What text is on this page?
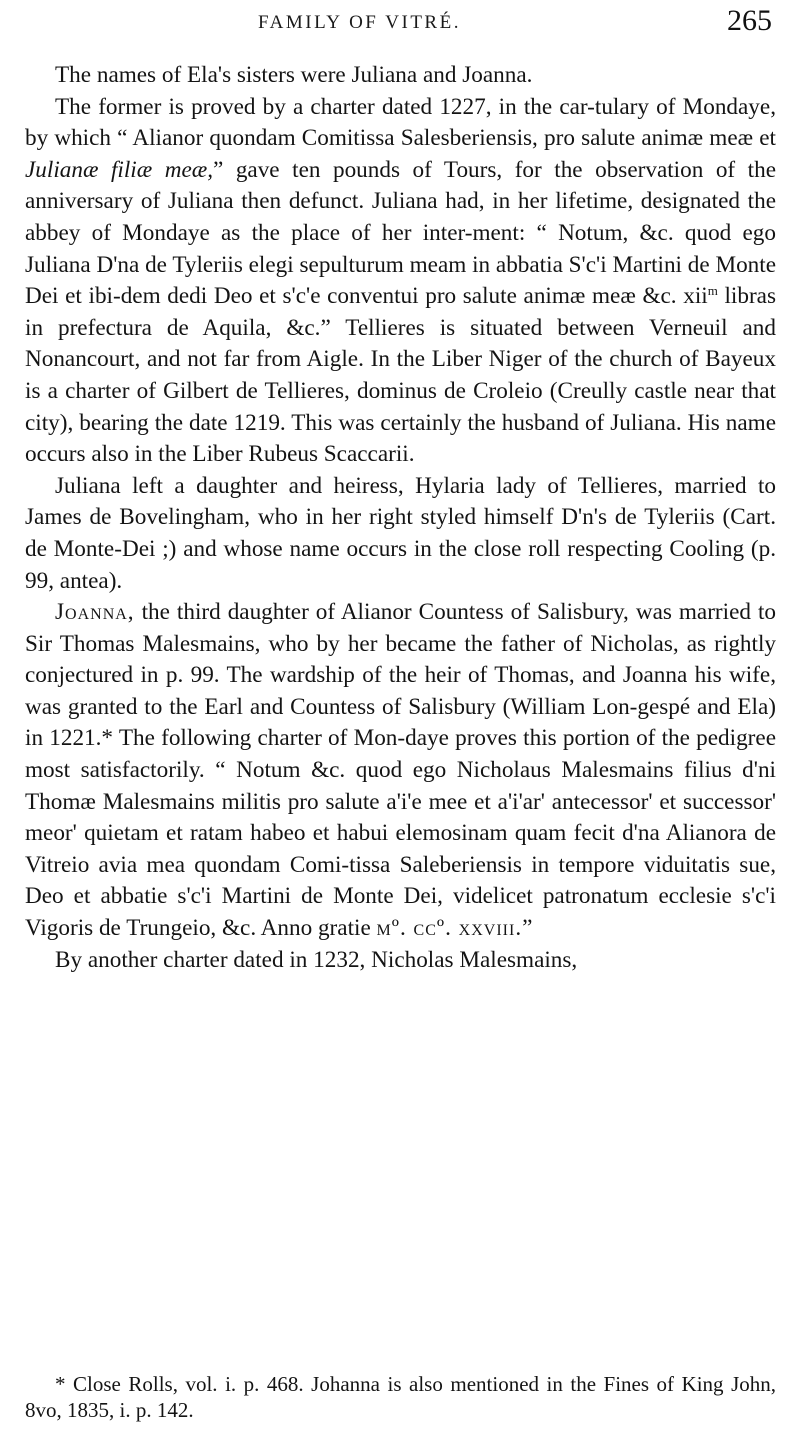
FAMILY OF VITRÉ.	265

The names of Ela's sisters were Juliana and Joanna.

The former is proved by a charter dated 1227, in the car-tulary of Mondaye, by which “ Alianor quondam Comitissa Salesberiensis, pro salute animæ meæ et Julianæ filiæ meæ,” gave ten pounds of Tours, for the observation of the anniversary of Juliana then defunct. Juliana had, in her lifetime, designated the abbey of Mondaye as the place of her inter-ment: “ Notum, &c. quod ego Juliana D'na de Tyleriis elegi sepulturum meam in abbatia S'c'i Martini de Monte Dei et ibi-dem dedi Deo et s'c'e conventui pro salute animæ meæ &c. xii$^m$ libras in prefectura de Aquila, &c.” Tellieres is situated between Verneuil and Nonancourt, and not far from Aigle. In the Liber Niger of the church of Bayeux is a charter of Gilbert de Tellieres, dominus de Croleio (Creully castle near that city), bearing the date 1219. This was certainly the husband of Juliana. His name occurs also in the Liber Rubeus Scaccarii.

Juliana left a daughter and heiress, Hylaria lady of Tellieres, married to James de Bovelingham, who in her right styled himself D'n's de Tyleriis (Cart. de Monte-Dei ;) and whose name occurs in the close roll respecting Cooling (p. 99, antea).

Joanna, the third daughter of Alianor Countess of Salisbury, was married to Sir Thomas Malesmains, who by her became the father of Nicholas, as rightly conjectured in p. 99. The wardship of the heir of Thomas, and Joanna his wife, was granted to the Earl and Countess of Salisbury (William Lon-gespé and Ela) in 1221.* The following charter of Mon-daye proves this portion of the pedigree most satisfactorily. “ Notum &c. quod ego Nicholaus Malesmains filius d'ni Thomæ Malesmains militis pro salute a'i'e mee et a'i'ar' antecessor' et successor' meor' quietam et ratam habeo et habui elemosinam quam fecit d'na Alianora de Vitreio avia mea quondam Comi-tissa Saleberiensis in tempore viduitatis sue, Deo et abbatie s'c'i Martini de Monte Dei, videlicet patronatum ecclesie s'c'i Vigoris de Trungeio, &c. Anno gratie mº. ccº. xxviii.”

By another charter dated in 1232, Nicholas Malesmains,

* Close Rolls, vol. i. p. 468. Johanna is also mentioned in the Fines of King John, 8vo, 1835, i. p. 142.
